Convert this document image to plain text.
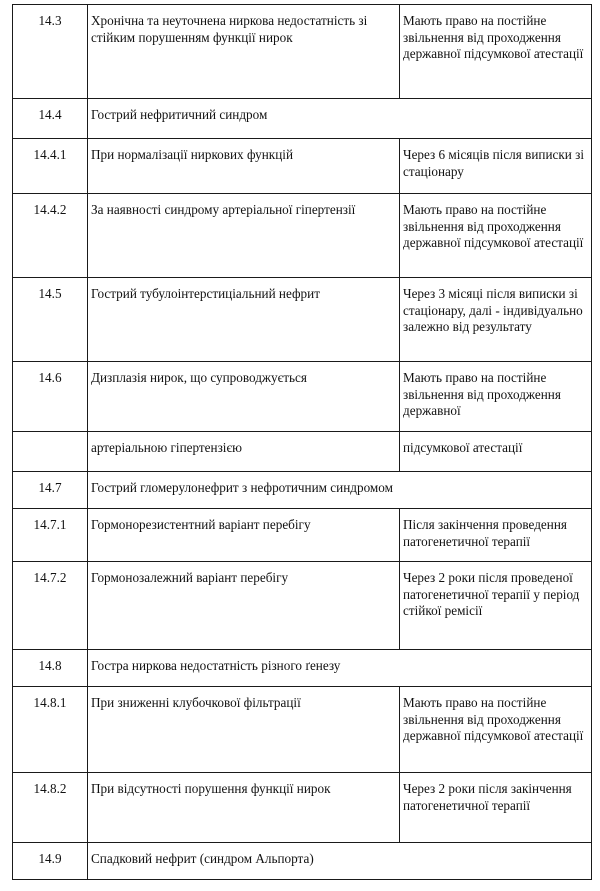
14.3	Хронічна та неуточнена ниркова недостатність зі стійким порушенням функції нирок	Мають право на постійне звільнення від проходження державної підсумкової атестації
14.4	Гострий нефритичний синдром	
14.4.1	При нормалізації ниркових функцій	Через 6 місяців після виписки зі стаціонару
14.4.2	За наявності синдрому артеріальної гіпертензії	Мають право на постійне звільнення від проходження державної підсумкової атестації
14.5	Гострий тубулоінтерстиціальний нефрит	Через 3 місяці після виписки зі стаціонару, далі - індивідуально залежно від результату
14.6	Дизплазія нирок, що супроводжується	Мають право на постійне звільнення від проходження державної
	артеріальною гіпертензією	підсумкової атестації
14.7	Гострий гломерулонефрит з нефротичним синдромом	
14.7.1	Гормонорезистентний варіант перебігу	Після закінчення проведення патогенетичної терапії
14.7.2	Гормонозалежний варіант перебігу	Через 2 роки після проведеної патогенетичної терапії у період стійкої ремісії
14.8	Гостра ниркова недостатність різного ґенезу	
14.8.1	При зниженні клубочкової фільтрації	Мають право на постійне звільнення від проходження державної підсумкової атестації
14.8.2	При відсутності порушення функції нирок	Через 2 роки після закінчення патогенетичної терапії
14.9	Спадковий нефрит (синдром Альпорта)	
